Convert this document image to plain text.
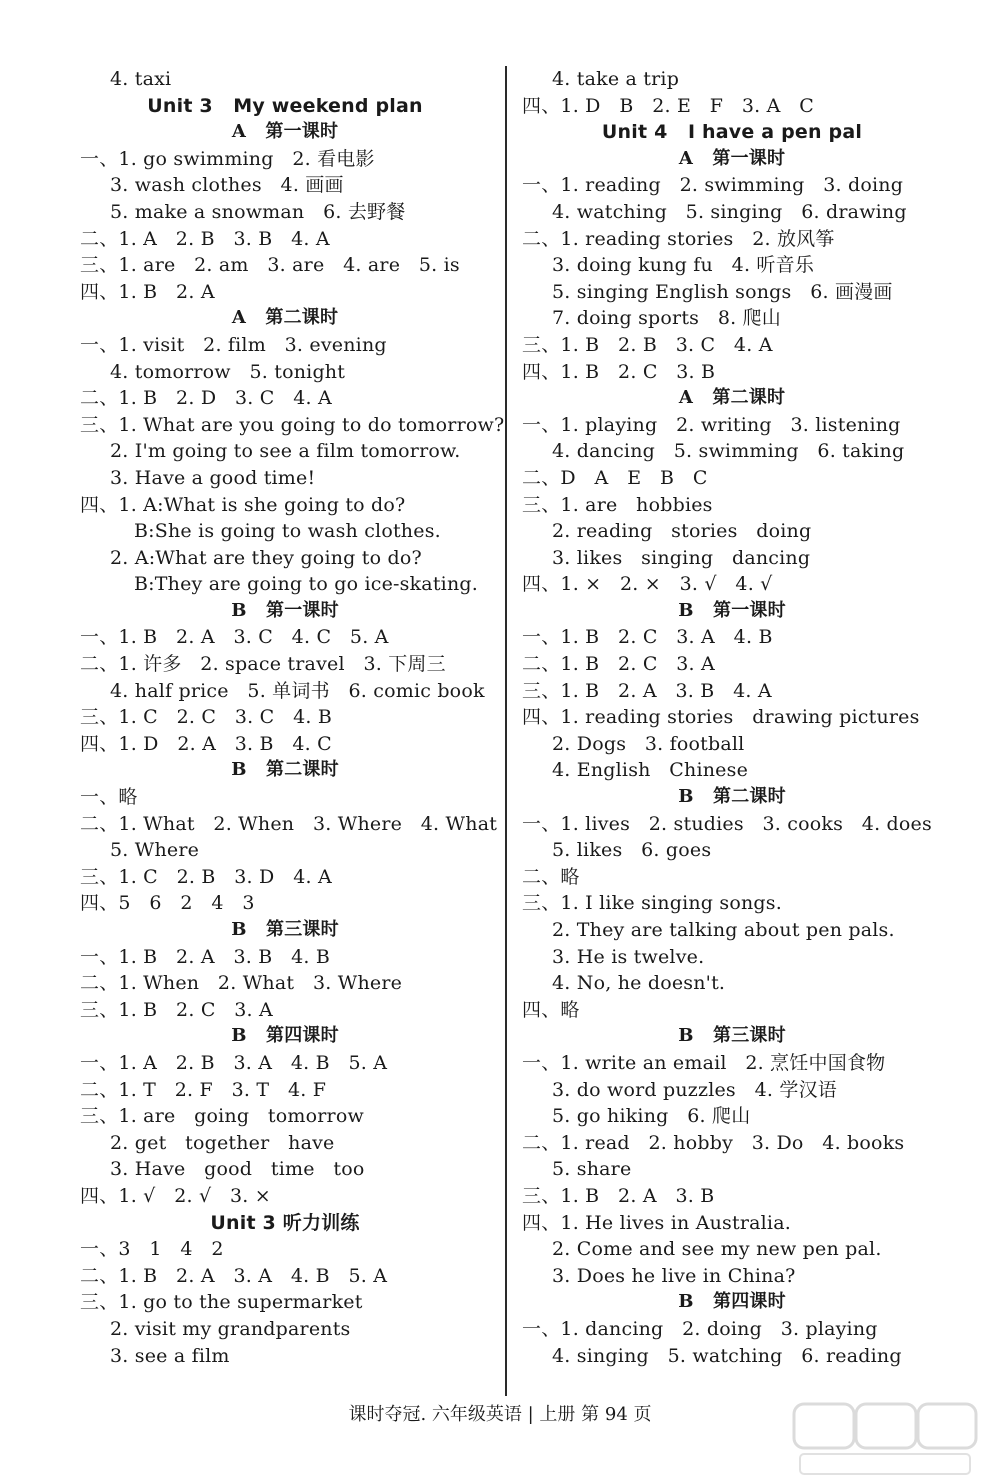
4. taxi
Unit 3   My weekend plan
A   第一课时
一、1. go swimming   2. 看电影
3. wash clothes   4. 画画
5. make a snowman   6. 去野餐
二、1. A   2. B   3. B   4. A
三、1. are   2. am   3. are   4. are   5. is
四、1. B   2. A
A   第二课时
一、1. visit   2. film   3. evening
4. tomorrow   5. tonight
二、1. B   2. D   3. C   4. A
三、1. What are you going to do tomorrow?
2. I'm going to see a film tomorrow.
3. Have a good time!
四、1. A:What is she going to do?
B:She is going to wash clothes.
2. A:What are they going to do?
B:They are going to go ice-skating.
B   第一课时
一、1. B   2. A   3. C   4. C   5. A
二、1. 许多   2. space travel   3. 下周三
4. half price   5. 单词书   6. comic book
三、1. C   2. C   3. C   4. B
四、1. D   2. A   3. B   4. C
B   第二课时
一、略
二、1. What   2. When   3. Where   4. What
5. Where
三、1. C   2. B   3. D   4. A
四、5   6   2   4   3
B   第三课时
一、1. B   2. A   3. B   4. B
二、1. When   2. What   3. Where
三、1. B   2. C   3. A
B   第四课时
一、1. A   2. B   3. A   4. B   5. A
二、1. T   2. F   3. T   4. F
三、1. are   going   tomorrow
2. get   together   have
3. Have   good   time   too
四、1. √   2. √   3. ×
Unit 3 听力训练
一、3   1   4   2
二、1. B   2. A   3. A   4. B   5. A
三、1. go to the supermarket
2. visit my grandparents
3. see a film
4. take a trip
四、1. D   B   2. E   F   3. A   C
Unit 4   I have a pen pal
A   第一课时
一、1. reading   2. swimming   3. doing
4. watching   5. singing   6. drawing
二、1. reading stories   2. 放风筝
3. doing kung fu   4. 听音乐
5. singing English songs   6. 画漫画
7. doing sports   8. 爬山
三、1. B   2. B   3. C   4. A
四、1. B   2. C   3. B
A   第二课时
一、1. playing   2. writing   3. listening
4. dancing   5. swimming   6. taking
二、D   A   E   B   C
三、1. are   hobbies
2. reading   stories   doing
3. likes   singing   dancing
四、1. ×   2. ×   3. √   4. √
B   第一课时
一、1. B   2. C   3. A   4. B
二、1. B   2. C   3. A
三、1. B   2. A   3. B   4. A
四、1. reading stories   drawing pictures
2. Dogs   3. football
4. English   Chinese
B   第二课时
一、1. lives   2. studies   3. cooks   4. does
5. likes   6. goes
二、略
三、1. I like singing songs.
2. They are talking about pen pals.
3. He is twelve.
4. No, he doesn't.
四、略
B   第三课时
一、1. write an email   2. 烹饪中国食物
3. do word puzzles   4. 学汉语
5. go hiking   6. 爬山
二、1. read   2. hobby   3. Do   4. books
5. share
三、1. B   2. A   3. B
四、1. He lives in Australia.
2. Come and see my new pen pal.
3. Does he live in China?
B   第四课时
一、1. dancing   2. doing   3. playing
4. singing   5. watching   6. reading
课时夺冠. 六年级英语 | 上册 第 94 页
